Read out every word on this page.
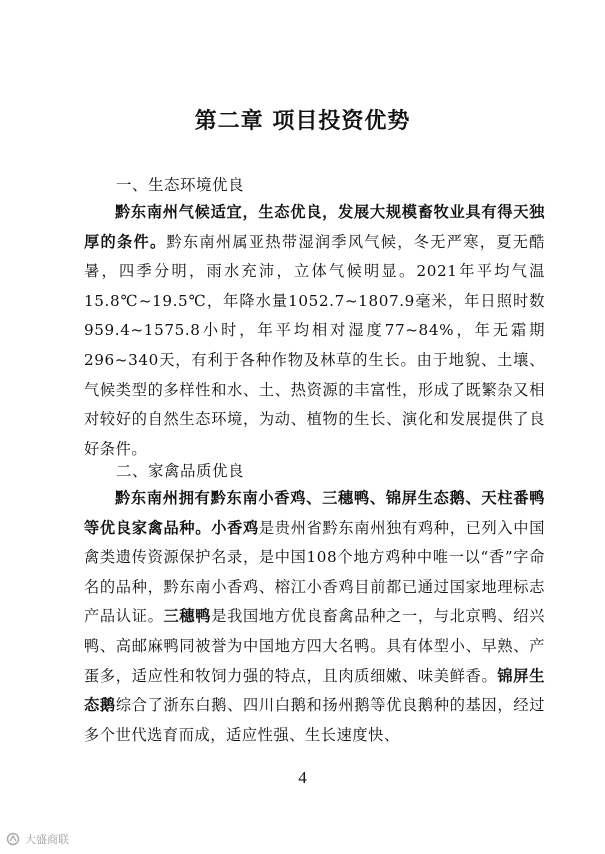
第二章 项目投资优势
一、生态环境优良

黔东南州气候适宜，生态优良，发展大规模畜牧业具有得天独厚的条件。黔东南州属亚热带湿润季风气候，冬无严寒，夏无酷暑，四季分明，雨水充沛，立体气候明显。2021年平均气温15.8℃~19.5℃，年降水量1052.7~1807.9毫米，年日照时数959.4~1575.8小时，年平均相对湿度77~84%，年无霜期296~340天，有利于各种作物及林草的生长。由于地貌、土壤、气候类型的多样性和水、土、热资源的丰富性，形成了既繁杂又相对较好的自然生态环境，为动、植物的生长、演化和发展提供了良好条件。

二、家禽品质优良

黔东南州拥有黔东南小香鸡、三穗鸭、锦屏生态鹅、天柱番鸭等优良家禽品种。小香鸡是贵州省黔东南州独有鸡种，已列入中国禽类遗传资源保护名录，是中国108个地方鸡种中唯一以“香”字命名的品种，黔东南小香鸡、榕江小香鸡目前都已通过国家地理标志产品认证。三穗鸭是我国地方优良畜禽品种之一，与北京鸭、绍兴鸭、高邮麻鸭同被誉为中国地方四大名鸭。具有体型小、早熟、产蛋多，适应性和牧饲力强的特点，且肉质细嫩、味美鲜香。锦屏生态鹅综合了浙东白鹅、四川白鹅和扬州鹅等优良鹅种的基因，经过多个世代选育而成，适应性强、生长速度快、

4
大盛商联
